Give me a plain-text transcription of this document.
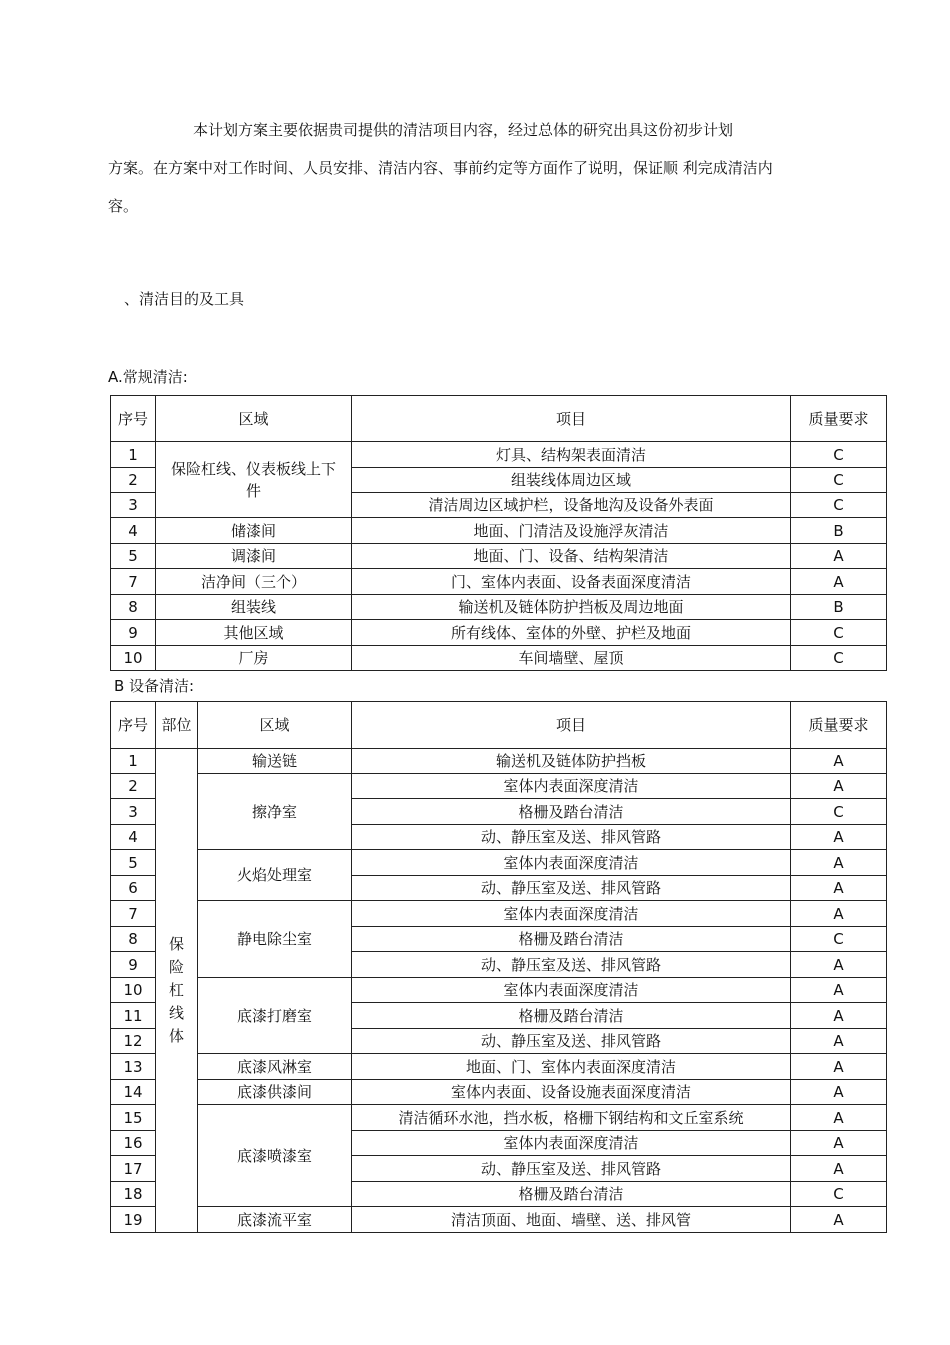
本计划方案主要依据贵司提供的清洁项目内容，经过总体的研究出具这份初步计划
方案。在方案中对工作时间、人员安排、清洁内容、事前约定等方面作了说明，保证顺 利完成清洁内
容。
、清洁目的及工具
A.常规清洁:
序号	区域	项目	质量要求
1	保险杠线、仪表板线上下件	灯具、结构架表面清洁	C
2		组装线体周边区域	C
3		清洁周边区域护栏，设备地沟及设备外表面	C
4	储漆间	地面、门清洁及设施浮灰清洁	B
5	调漆间	地面、门、设备、结构架清洁	A
7	洁净间（三个）	门、室体内表面、设备表面深度清洁	A
8	组装线	输送机及链体防护挡板及周边地面	B
9	其他区域	所有线体、室体的外壁、护栏及地面	C
10	厂房	车间墙壁、屋顶	C
B 设备清洁:
序号	部位	区域	项目	质量要求
1	保险杠线体	输送链	输送机及链体防护挡板	A
2		擦净室	室体内表面深度清洁	A
3			格栅及踏台清洁	C
4			动、静压室及送、排风管路	A
5		火焰处理室	室体内表面深度清洁	A
6			动、静压室及送、排风管路	A
7		静电除尘室	室体内表面深度清洁	A
8			格栅及踏台清洁	C
9			动、静压室及送、排风管路	A
10		底漆打磨室	室体内表面深度清洁	A
11			格栅及踏台清洁	A
12			动、静压室及送、排风管路	A
13		底漆风淋室	地面、门、室体内表面深度清洁	A
14		底漆供漆间	室体内表面、设备设施表面深度清洁	A
15		底漆喷漆室	清洁循环水池，挡水板，格栅下钢结构和文丘室系统	A
16			室体内表面深度清洁	A
17			动、静压室及送、排风管路	A
18			格栅及踏台清洁	C
19		底漆流平室	清洁顶面、地面、墙壁、送、排风管	A
